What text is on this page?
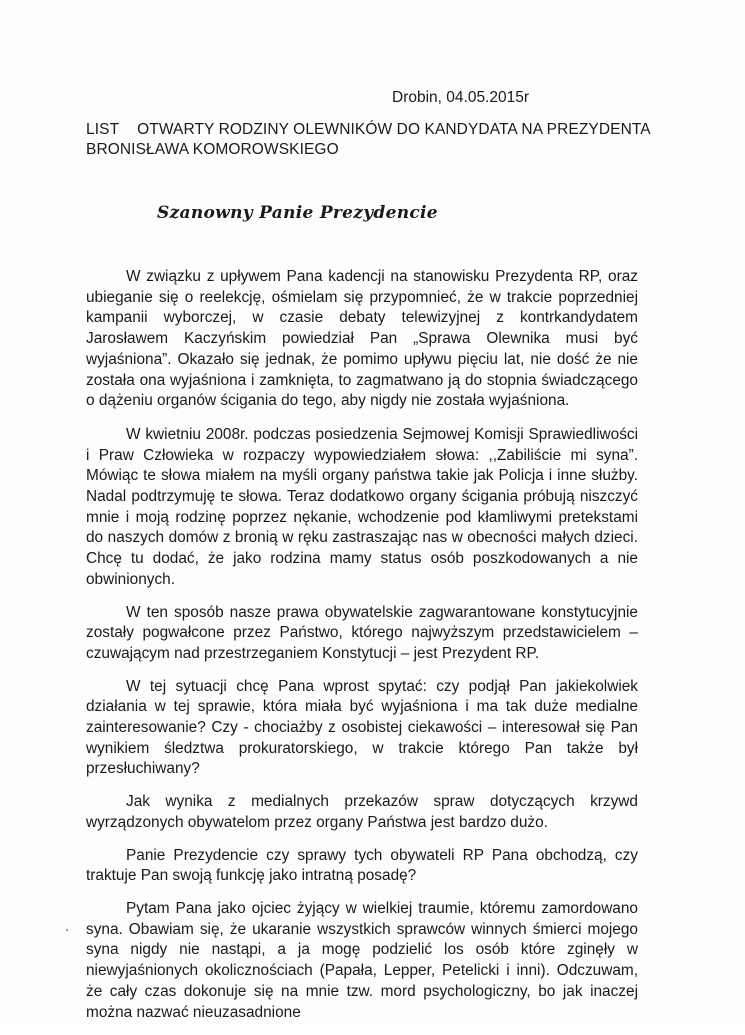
Drobin, 04.05.2015r
LIST OTWARTY RODZINY OLEWNIKÓW DO KANDYDATA NA PREZYDENTA BRONISŁAWA KOMOROWSKIEGO
Szanowny Panie Prezydencie

W związku z upływem Pana kadencji na stanowisku Prezydenta RP, oraz ubieganie się o reelekcję, ośmielam się przypomnieć, że w trakcie poprzedniej kampanii wyborczej, w czasie debaty telewizyjnej z kontrkandydatem Jarosławem Kaczyńskim powiedział Pan „Sprawa Olewnika musi być wyjaśniona”. Okazało się jednak, że pomimo upływu pięciu lat, nie dość że nie została ona wyjaśniona i zamknięta, to zagmatwano ją do stopnia świadczącego o dążeniu organów ścigania do tego, aby nigdy nie została wyjaśniona.

W kwietniu 2008r. podczas posiedzenia Sejmowej Komisji Sprawiedliwości i Praw Człowieka w rozpaczy wypowiedziałem słowa: ,,Zabiliście mi syna”. Mówiąc te słowa miałem na myśli organy państwa takie jak Policja i inne służby. Nadal podtrzymuję te słowa. Teraz dodatkowo organy ścigania próbują niszczyć mnie i moją rodzinę poprzez nękanie, wchodzenie pod kłamliwymi pretekstami do naszych domów z bronią w ręku zastraszając nas w obecności małych dzieci. Chcę tu dodać, że jako rodzina mamy status osób poszkodowanych a nie obwinionych.

W ten sposób nasze prawa obywatelskie zagwarantowane konstytucyjnie zostały pogwałcone przez Państwo, którego najwyższym przedstawicielem – czuwającym nad przestrzeganiem Konstytucji – jest Prezydent RP.

W tej sytuacji chcę Pana wprost spytać: czy podjął Pan jakiekolwiek działania w tej sprawie, która miała być wyjaśniona i ma tak duże medialne zainteresowanie? Czy - chociażby z osobistej ciekawości – interesował się Pan wynikiem śledztwa prokuratorskiego, w trakcie którego Pan także był przesłuchiwany?

Jak wynika z medialnych przekazów spraw dotyczących krzywd wyrządzonych obywatelom przez organy Państwa jest bardzo dużo.

Panie Prezydencie czy sprawy tych obywateli RP Pana obchodzą, czy traktuje Pan swoją funkcję jako intratną posadę?

Pytam Pana jako ojciec żyjący w wielkiej traumie, któremu zamordowano syna. Obawiam się, że ukaranie wszystkich sprawców winnych śmierci mojego syna nigdy nie nastąpi, a ja mogę podzielić los osób które zginęły w niewyjaśnionych okolicznościach (Papała, Lepper, Petelicki i inni). Odczuwam, że cały czas dokonuje się na mnie tzw. mord psychologiczny, bo jak inaczej można nazwać nieuzasadnione
